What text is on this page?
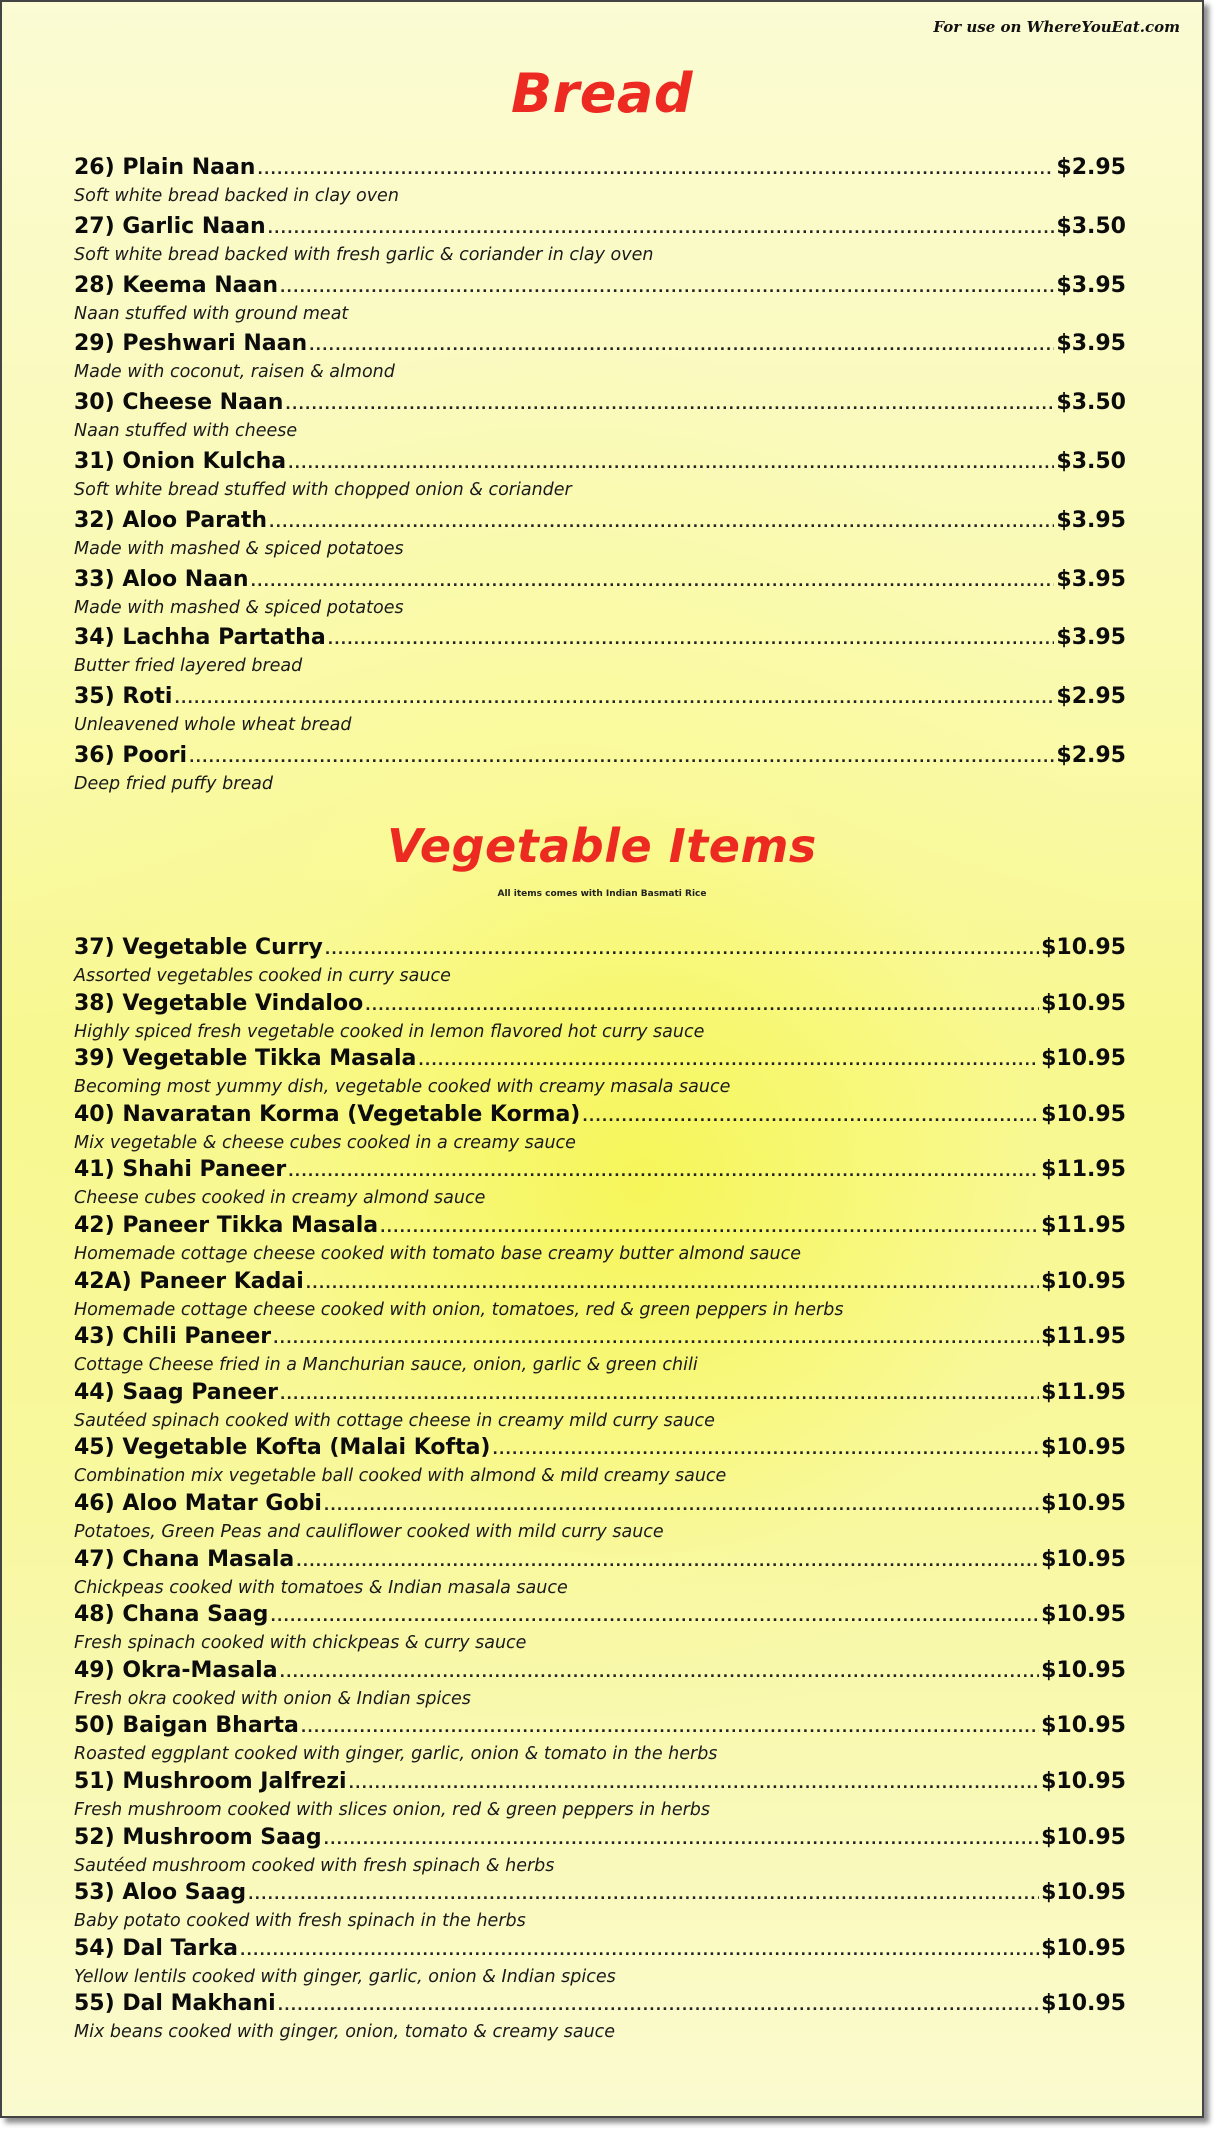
For use on WhereYouEat.com
Bread
26) Plain Naan .....	$2.95
Soft white bread backed in clay oven
27) Garlic Naan .....	$3.50
Soft white bread backed with fresh garlic & coriander in clay oven
28) Keema Naan .....	$3.95
Naan stuffed with ground meat
29) Peshwari Naan .....	$3.95
Made with coconut, raisen & almond
30) Cheese Naan .....	$3.50
Naan stuffed with cheese
31) Onion Kulcha .....	$3.50
Soft white bread stuffed with chopped onion & coriander
32) Aloo Parath .....	$3.95
Made with mashed & spiced potatoes
33) Aloo Naan .....	$3.95
Made with mashed & spiced potatoes
34) Lachha Partatha .....	$3.95
Butter fried layered bread
35) Roti .....	$2.95
Unleavened whole wheat bread
36) Poori .....	$2.95
Deep fried puffy bread
Vegetable Items
All items comes with Indian Basmati Rice
37) Vegetable Curry .....	$10.95
Assorted vegetables cooked in curry sauce
38) Vegetable Vindaloo .....	$10.95
Highly spiced fresh vegetable cooked in lemon flavored hot curry sauce
39) Vegetable Tikka Masala .....	$10.95
Becoming most yummy dish, vegetable cooked with creamy masala sauce
40) Navaratan Korma (Vegetable Korma) .....	$10.95
Mix vegetable & cheese cubes cooked in a creamy sauce
41) Shahi Paneer .....	$11.95
Cheese cubes cooked in creamy almond sauce
42) Paneer Tikka Masala .....	$11.95
Homemade cottage cheese cooked with tomato base creamy butter almond sauce
42A) Paneer Kadai .....	$10.95
Homemade cottage cheese cooked with onion, tomatoes, red & green peppers in herbs
43) Chili Paneer .....	$11.95
Cottage Cheese fried in a Manchurian sauce, onion, garlic & green chili
44) Saag Paneer .....	$11.95
Sautéed spinach cooked with cottage cheese in creamy mild curry sauce
45) Vegetable Kofta (Malai Kofta) .....	$10.95
Combination mix vegetable ball cooked with almond & mild creamy sauce
46) Aloo Matar Gobi .....	$10.95
Potatoes, Green Peas and cauliflower cooked with mild curry sauce
47) Chana Masala .....	$10.95
Chickpeas cooked with tomatoes & Indian masala sauce
48) Chana Saag .....	$10.95
Fresh spinach cooked with chickpeas & curry sauce
49) Okra-Masala .....	$10.95
Fresh okra cooked with onion & Indian spices
50) Baigan Bharta .....	$10.95
Roasted eggplant cooked with ginger, garlic, onion & tomato in the herbs
51) Mushroom Jalfrezi .....	$10.95
Fresh mushroom cooked with slices onion, red & green peppers in herbs
52) Mushroom Saag .....	$10.95
Sautéed mushroom cooked with fresh spinach & herbs
53) Aloo Saag .....	$10.95
Baby potato cooked with fresh spinach in the herbs
54) Dal Tarka .....	$10.95
Yellow lentils cooked with ginger, garlic, onion & Indian spices
55) Dal Makhani .....	$10.95
Mix beans cooked with ginger, onion, tomato & creamy sauce
